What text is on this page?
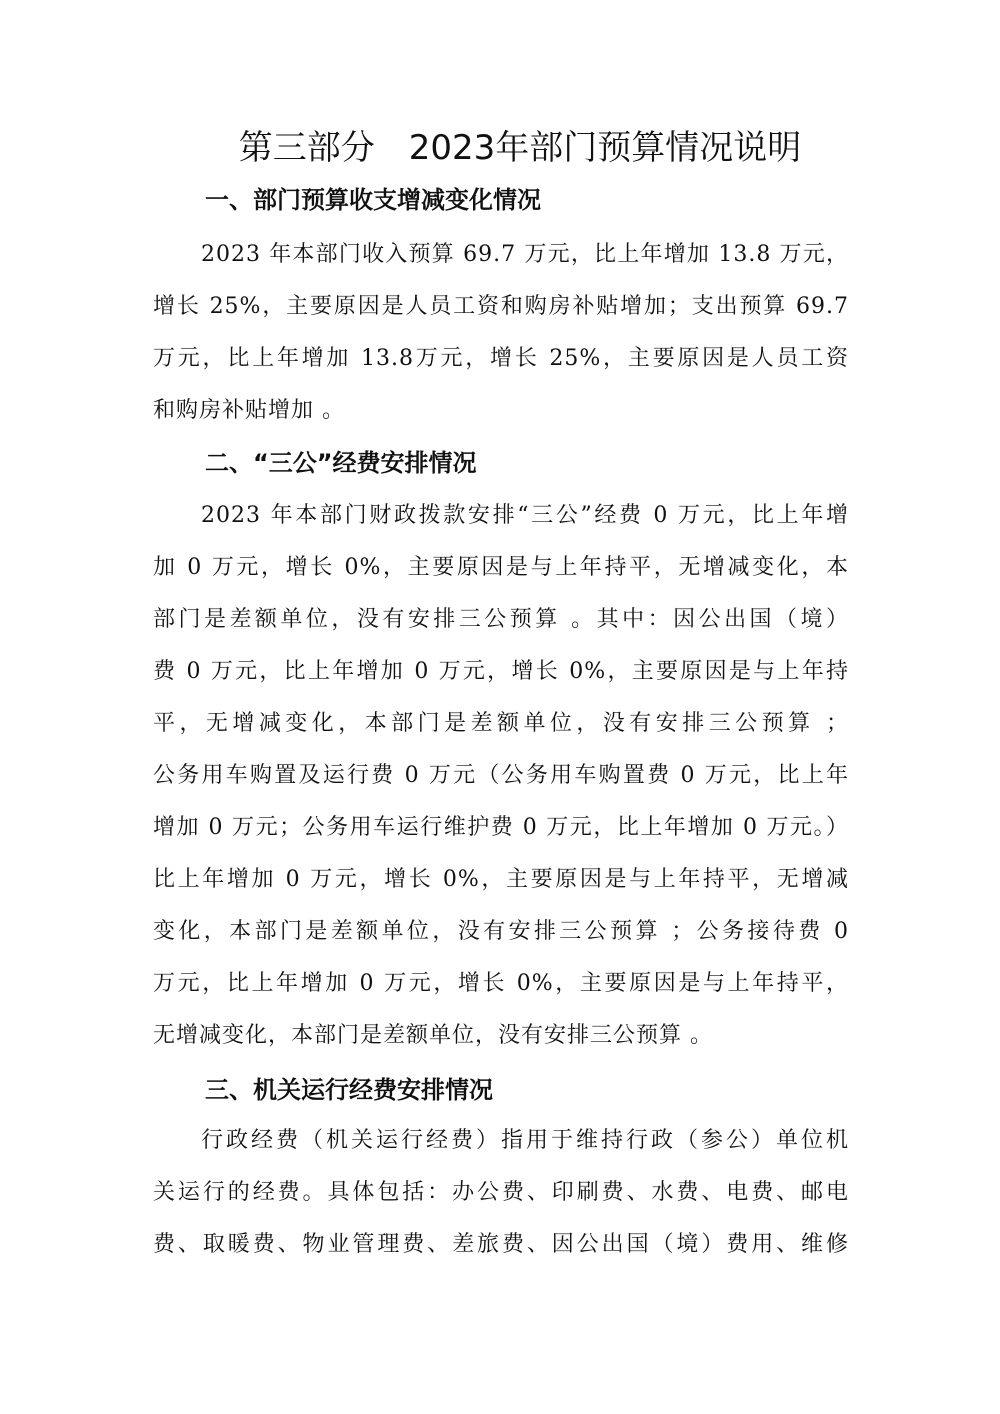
第三部分　2023年部门预算情况说明
一、部门预算收支增减变化情况
2023 年本部门收入预算 69.7 万元，比上年增加 13.8 万元，
增长 25%，主要原因是人员工资和购房补贴增加；支出预算 69.7
万元，比上年增加 13.8万元，增长 25%，主要原因是人员工资
和购房补贴增加 。
二、“三公”经费安排情况
2023 年本部门财政拨款安排“三公”经费 0 万元，比上年增
加 0 万元，增长 0%，主要原因是与上年持平，无增减变化，本
部门是差额单位，没有安排三公预算 。其中：因公出国（境）
费 0 万元，比上年增加 0 万元，增长 0%，主要原因是与上年持
平，无增减变化，本部门是差额单位，没有安排三公预算 ；
公务用车购置及运行费 0 万元（公务用车购置费 0 万元，比上年
增加 0 万元；公务用车运行维护费 0 万元，比上年增加 0 万元。）
比上年增加 0 万元，增长 0%，主要原因是与上年持平，无增减
变化，本部门是差额单位，没有安排三公预算 ；公务接待费 0
万元，比上年增加 0 万元，增长 0%，主要原因是与上年持平，
无增减变化，本部门是差额单位，没有安排三公预算 。
三、机关运行经费安排情况
行政经费（机关运行经费）指用于维持行政（参公）单位机
关运行的经费。具体包括：办公费、印刷费、水费、电费、邮电
费、取暖费、物业管理费、差旅费、因公出国（境）费用、维修
